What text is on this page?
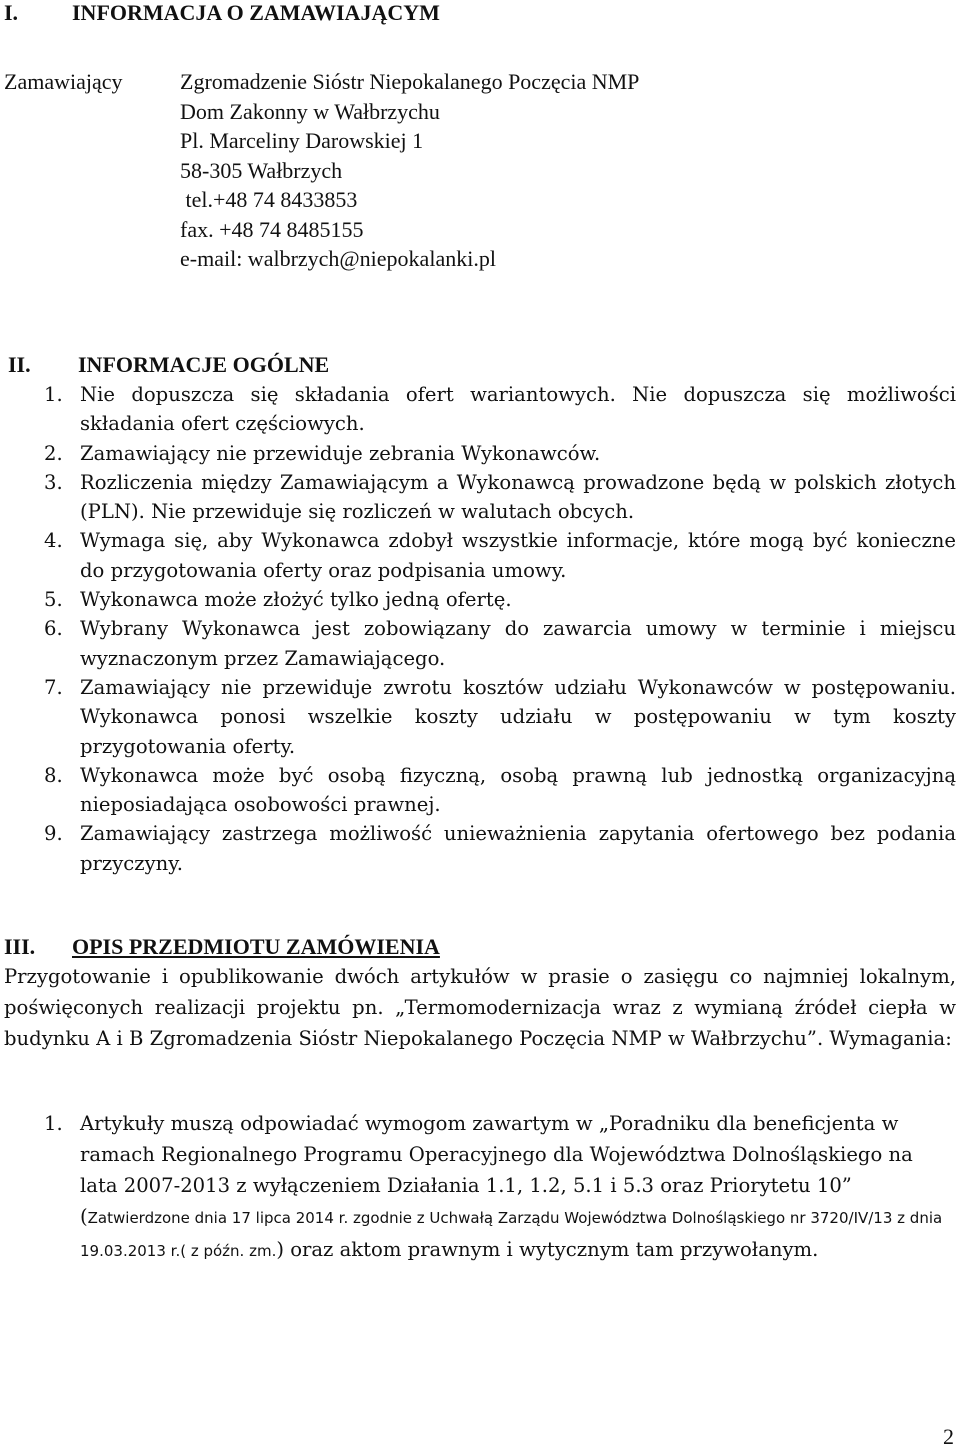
I. INFORMACJA O ZAMAWIAJĄCYM
Zamawiający	Zgromadzenie Sióstr Niepokalanego Poczęcia NMP
Dom Zakonny w Wałbrzychu
Pl. Marceliny Darowskiej 1
58-305 Wałbrzych
tel.+48 74 8433853
fax. +48 74 8485155
e-mail: walbrzych@niepokalanki.pl
II. INFORMACJE OGÓLNE
1. Nie dopuszcza się składania ofert wariantowych. Nie dopuszcza się możliwości składania ofert częściowych.
2. Zamawiający nie przewiduje zebrania Wykonawców.
3. Rozliczenia między Zamawiającym a Wykonawcą prowadzone będą w polskich złotych (PLN). Nie przewiduje się rozliczeń w walutach obcych.
4. Wymaga się, aby Wykonawca zdobył wszystkie informacje, które mogą być konieczne do przygotowania oferty oraz podpisania umowy.
5. Wykonawca może złożyć tylko jedną ofertę.
6. Wybrany Wykonawca jest zobowiązany do zawarcia umowy w terminie i miejscu wyznaczonym przez Zamawiającego.
7. Zamawiający nie przewiduje zwrotu kosztów udziału Wykonawców w postępowaniu. Wykonawca ponosi wszelkie koszty udziału w postępowaniu w tym koszty przygotowania oferty.
8. Wykonawca może być osobą fizyczną, osobą prawną lub jednostką organizacyjną nieposiadająca osobowości prawnej.
9. Zamawiający zastrzega możliwość unieważnienia zapytania ofertowego bez podania przyczyny.
III. OPIS PRZEDMIOTU ZAMÓWIENIA
Przygotowanie i opublikowanie dwóch artykułów w prasie o zasięgu co najmniej lokalnym, poświęconych realizacji projektu pn. „Termomodernizacja wraz z wymianą źródeł ciepła w budynku A i B Zgromadzenia Sióstr Niepokalanego Poczęcia NMP w Wałbrzychu”. Wymagania:
1. Artykuły muszą odpowiadać wymogom zawartym w „Poradniku dla beneficjenta w ramach Regionalnego Programu Operacyjnego dla Województwa Dolnośląskiego na lata 2007-2013 z wyłączeniem Działania 1.1, 1.2, 5.1 i 5.3 oraz Priorytetu 10” (Zatwierdzone dnia 17 lipca 2014 r. zgodnie z Uchwałą Zarządu Województwa Dolnośląskiego nr 3720/IV/13 z dnia 19.03.2013 r.( z późn. zm.) oraz aktom prawnym i wytycznym tam przywołanym.
2
